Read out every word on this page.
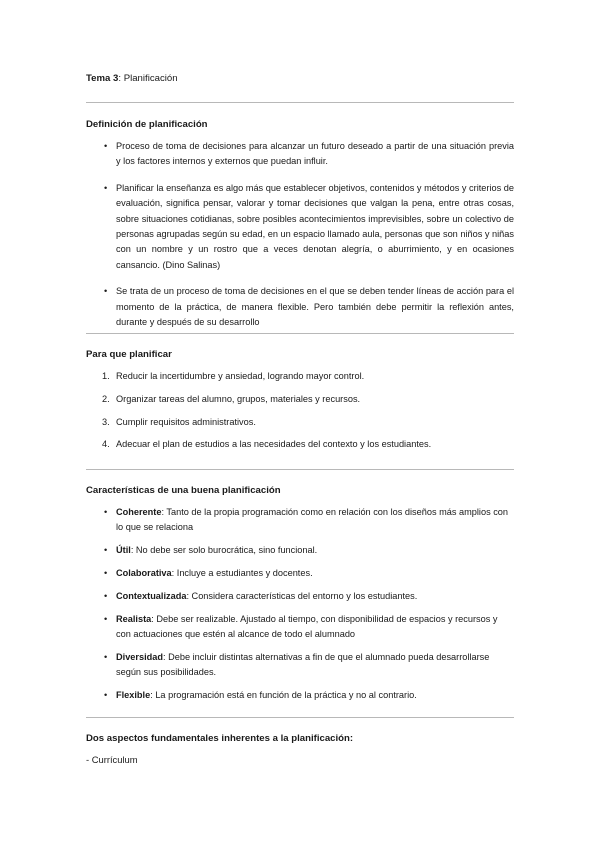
Tema 3: Planificación
Definición de planificación
• Proceso de toma de decisiones para alcanzar un futuro deseado a partir de una situación previa y los factores internos y externos que puedan influir.
• Planificar la enseñanza es algo más que establecer objetivos, contenidos y métodos y criterios de evaluación, significa pensar, valorar y tomar decisiones que valgan la pena, entre otras cosas, sobre situaciones cotidianas, sobre posibles acontecimientos imprevisibles, sobre un colectivo de personas agrupadas según su edad, en un espacio llamado aula, personas que son niños y niñas con un nombre y un rostro que a veces denotan alegría, o aburrimiento, y en ocasiones cansancio. (Dino Salinas)
• Se trata de un proceso de toma de decisiones en el que se deben tender líneas de acción para el momento de la práctica, de manera flexible. Pero también debe permitir la reflexión antes, durante y después de su desarrollo
Para que planificar
1. Reducir la incertidumbre y ansiedad, logrando mayor control.
2. Organizar tareas del alumno, grupos, materiales y recursos.
3. Cumplir requisitos administrativos.
4. Adecuar el plan de estudios a las necesidades del contexto y los estudiantes.
Características de una buena planificación
• Coherente: Tanto de la propia programación como en relación con los diseños más amplios con lo que se relaciona
• Útil: No debe ser solo burocrática, sino funcional.
• Colaborativa: Incluye a estudiantes y docentes.
• Contextualizada: Considera características del entorno y los estudiantes.
• Realista: Debe ser realizable. Ajustado al tiempo, con disponibilidad de espacios y recursos y con actuaciones que estén al alcance de todo el alumnado
• Diversidad: Debe incluir distintas alternativas a fin de que el alumnado pueda desarrollarse según sus posibilidades.
• Flexible: La programación está en función de la práctica y no al contrario.
Dos aspectos fundamentales inherentes a la planificación:
- Currículum
